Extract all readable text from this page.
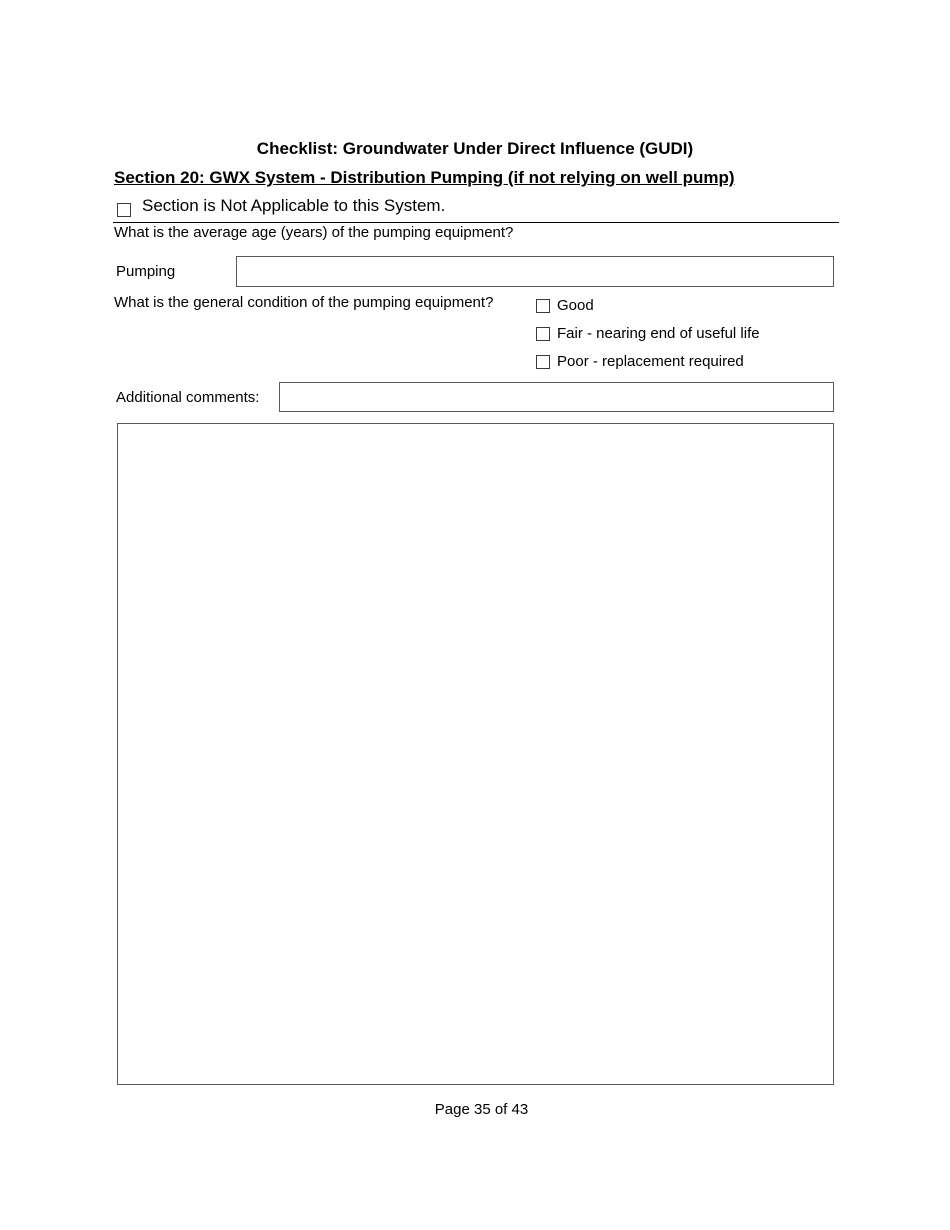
Checklist: Groundwater Under Direct Influence (GUDI)
Section 20: GWX System - Distribution Pumping (if not relying on well pump)
Section is Not Applicable to this System.
What is the average age (years) of the pumping equipment?
Pumping
What is the general condition of the pumping equipment?	Good
Fair - nearing end of useful life
Poor - replacement required
Additional comments:
Page 35 of 43
